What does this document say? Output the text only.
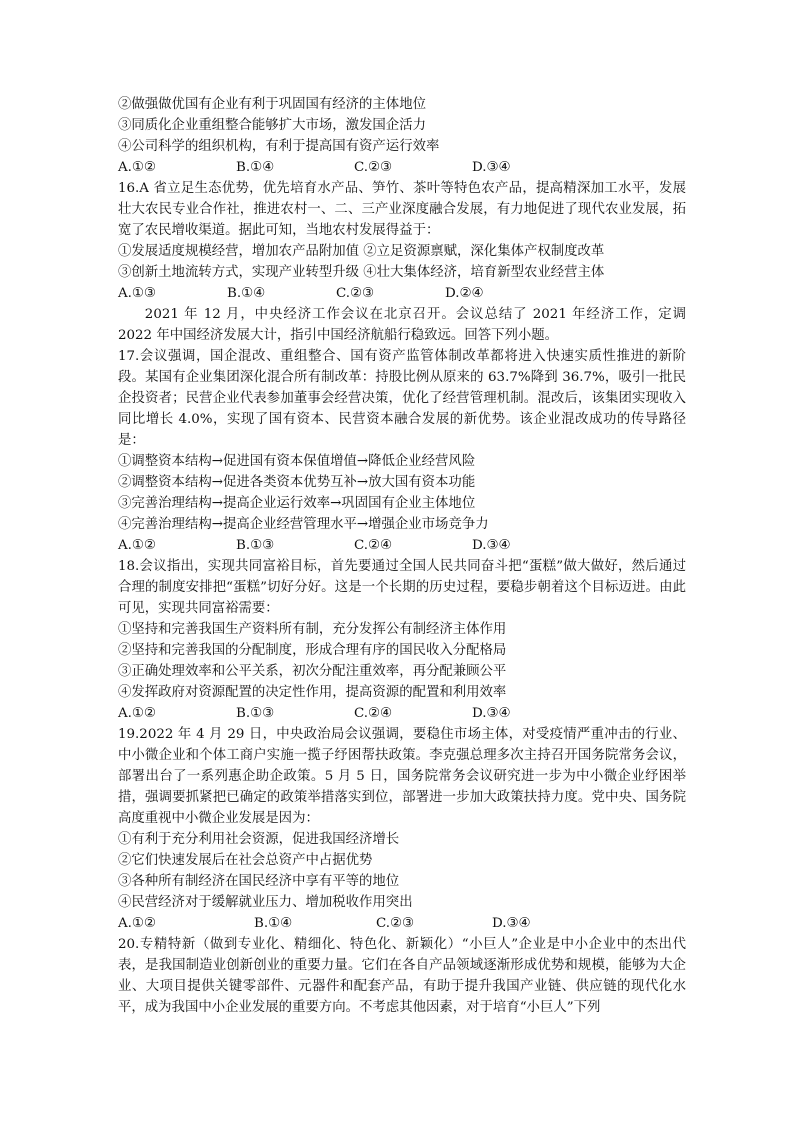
②做强做优国有企业有利于巩固国有经济的主体地位
③同质化企业重组整合能够扩大市场，激发国企活力
④公司科学的组织机构，有利于提高国有资产运行效率
A.①②	B.①④	C.②③	D.③④
16.A 省立足生态优势，优先培育水产品、笋竹、茶叶等特色农产品，提高精深加工水平，发展壮大农民专业合作社，推进农村一、二、三产业深度融合发展，有力地促进了现代农业发展，拓宽了农民增收渠道。据此可知，当地农村发展得益于：
①发展适度规模经营，增加农产品附加值 ②立足资源禀赋，深化集体产权制度改革
③创新土地流转方式，实现产业转型升级 ④壮大集体经济，培育新型农业经营主体
A.①③	B.①④	C.②③	D.②④
2021 年 12 月，中央经济工作会议在北京召开。会议总结了 2021 年经济工作，定调 2022 年中国经济发展大计，指引中国经济航船行稳致远。回答下列小题。
17.会议强调，国企混改、重组整合、国有资产监管体制改革都将进入快速实质性推进的新阶段。某国有企业集团深化混合所有制改革：持股比例从原来的 63.7%降到 36.7%，吸引一批民企投资者；民营企业代表参加董事会经营决策，优化了经营管理机制。混改后，该集团实现收入同比增长 4.0%，实现了国有资本、民营资本融合发展的新优势。该企业混改成功的传导路径是：
①调整资本结构→促进国有资本保值增值→降低企业经营风险
②调整资本结构→促进各类资本优势互补→放大国有资本功能
③完善治理结构→提高企业运行效率→巩固国有企业主体地位
④完善治理结构→提高企业经营管理水平→增强企业市场竞争力
A.①②	B.①③	C.②④	D.③④
18.会议指出，实现共同富裕目标，首先要通过全国人民共同奋斗把“蛋糕”做大做好，然后通过合理的制度安排把“蛋糕”切好分好。这是一个长期的历史过程，要稳步朝着这个目标迈进。由此可见，实现共同富裕需要：
①坚持和完善我国生产资料所有制，充分发挥公有制经济主体作用
②坚持和完善我国的分配制度，形成合理有序的国民收入分配格局
③正确处理效率和公平关系，初次分配注重效率，再分配兼顾公平
④发挥政府对资源配置的决定性作用，提高资源的配置和利用效率
A.①②	B.①③	C.②④	D.③④
19.2022 年 4 月 29 日，中央政治局会议强调，要稳住市场主体，对受疫情严重冲击的行业、中小微企业和个体工商户实施一揽子纾困帮扶政策。李克强总理多次主持召开国务院常务会议，部署出台了一系列惠企助企政策。5 月 5 日，国务院常务会议研究进一步为中小微企业纾困举措，强调要抓紧把已确定的政策举措落实到位，部署进一步加大政策扶持力度。党中央、国务院高度重视中小微企业发展是因为：
①有利于充分利用社会资源，促进我国经济增长
②它们快速发展后在社会总资产中占据优势
③各种所有制经济在国民经济中享有平等的地位
④民营经济对于缓解就业压力、增加税收作用突出
A.①②	B.①④	C.②③	D.③④
20.专精特新（做到专业化、精细化、特色化、新颖化）“小巨人”企业是中小企业中的杰出代表，是我国制造业创新创业的重要力量。它们在各自产品领域逐渐形成优势和规模，能够为大企业、大项目提供关键零部件、元器件和配套产品，有助于提升我国产业链、供应链的现代化水平，成为我国中小企业发展的重要方向。不考虑其他因素，对于培育“小巨人”下列
